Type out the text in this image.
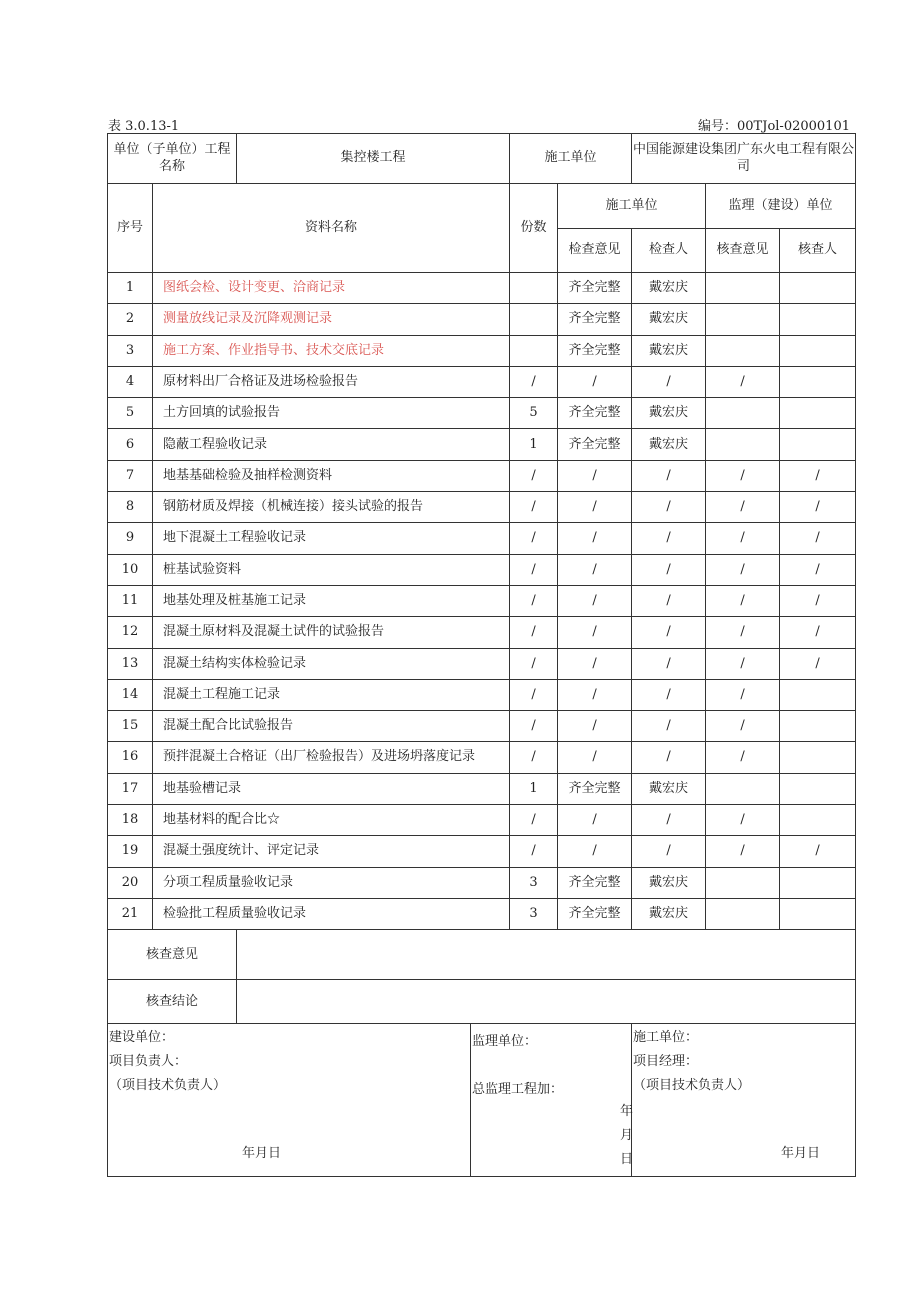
表 3.0.13-1	编号：00TJol-02000101
单位（子单位）工程名称		集控楼工程		施工单位		中国能源建设集团广东火电工程有限公司		
序号	资料名称			份数	施工单位		监理（建设）单位	
					检查意见	检查人	核查意见	核查人
1	图纸会检、设计变更、洽商记录				齐全完整	戴宏庆		
2	测量放线记录及沉降观测记录				齐全完整	戴宏庆		
3	施工方案、作业指导书、技术交底记录				齐全完整	戴宏庆		
4	原材料出厂合格证及进场检验报告			/	/	/	/	
5	土方回填的试验报告			5	齐全完整	戴宏庆		
6	隐蔽工程验收记录			1	齐全完整	戴宏庆		
7	地基基础检验及抽样检测资料			/	/	/	/	/
8	钢筋材质及焊接（机械连接）接头试验的报告			/	/	/	/	/
9	地下混凝土工程验收记录			/	/	/	/	/
10	桩基试验资料			/	/	/	/	/
11	地基处理及桩基施工记录			/	/	/	/	/
12	混凝土原材料及混凝土试件的试验报告			/	/	/	/	/
13	混凝土结构实体检验记录			/	/	/	/	/
14	混凝土工程施工记录			/	/	/	/	
15	混凝土配合比试验报告			/	/	/	/	
16	预拌混凝土合格证（出厂检验报告）及进场坍落度记录			/	/	/	/	
17	地基验槽记录			1	齐全完整	戴宏庆		
18	地基材料的配合比☆			/	/	/	/	
19	混凝土强度统计、评定记录			/	/	/	/	/
20	分项工程质量验收记录			3	齐全完整	戴宏庆		
21	检验批工程质量验收记录			3	齐全完整	戴宏庆		
核查意见								
核查结论								

建设单位：
项目负责人：
（项目技术负责人）
年月日			监理单位：
总监理工程加：
年月日			施工单位：
项目经理：
（项目技术负责人）
年月日		
